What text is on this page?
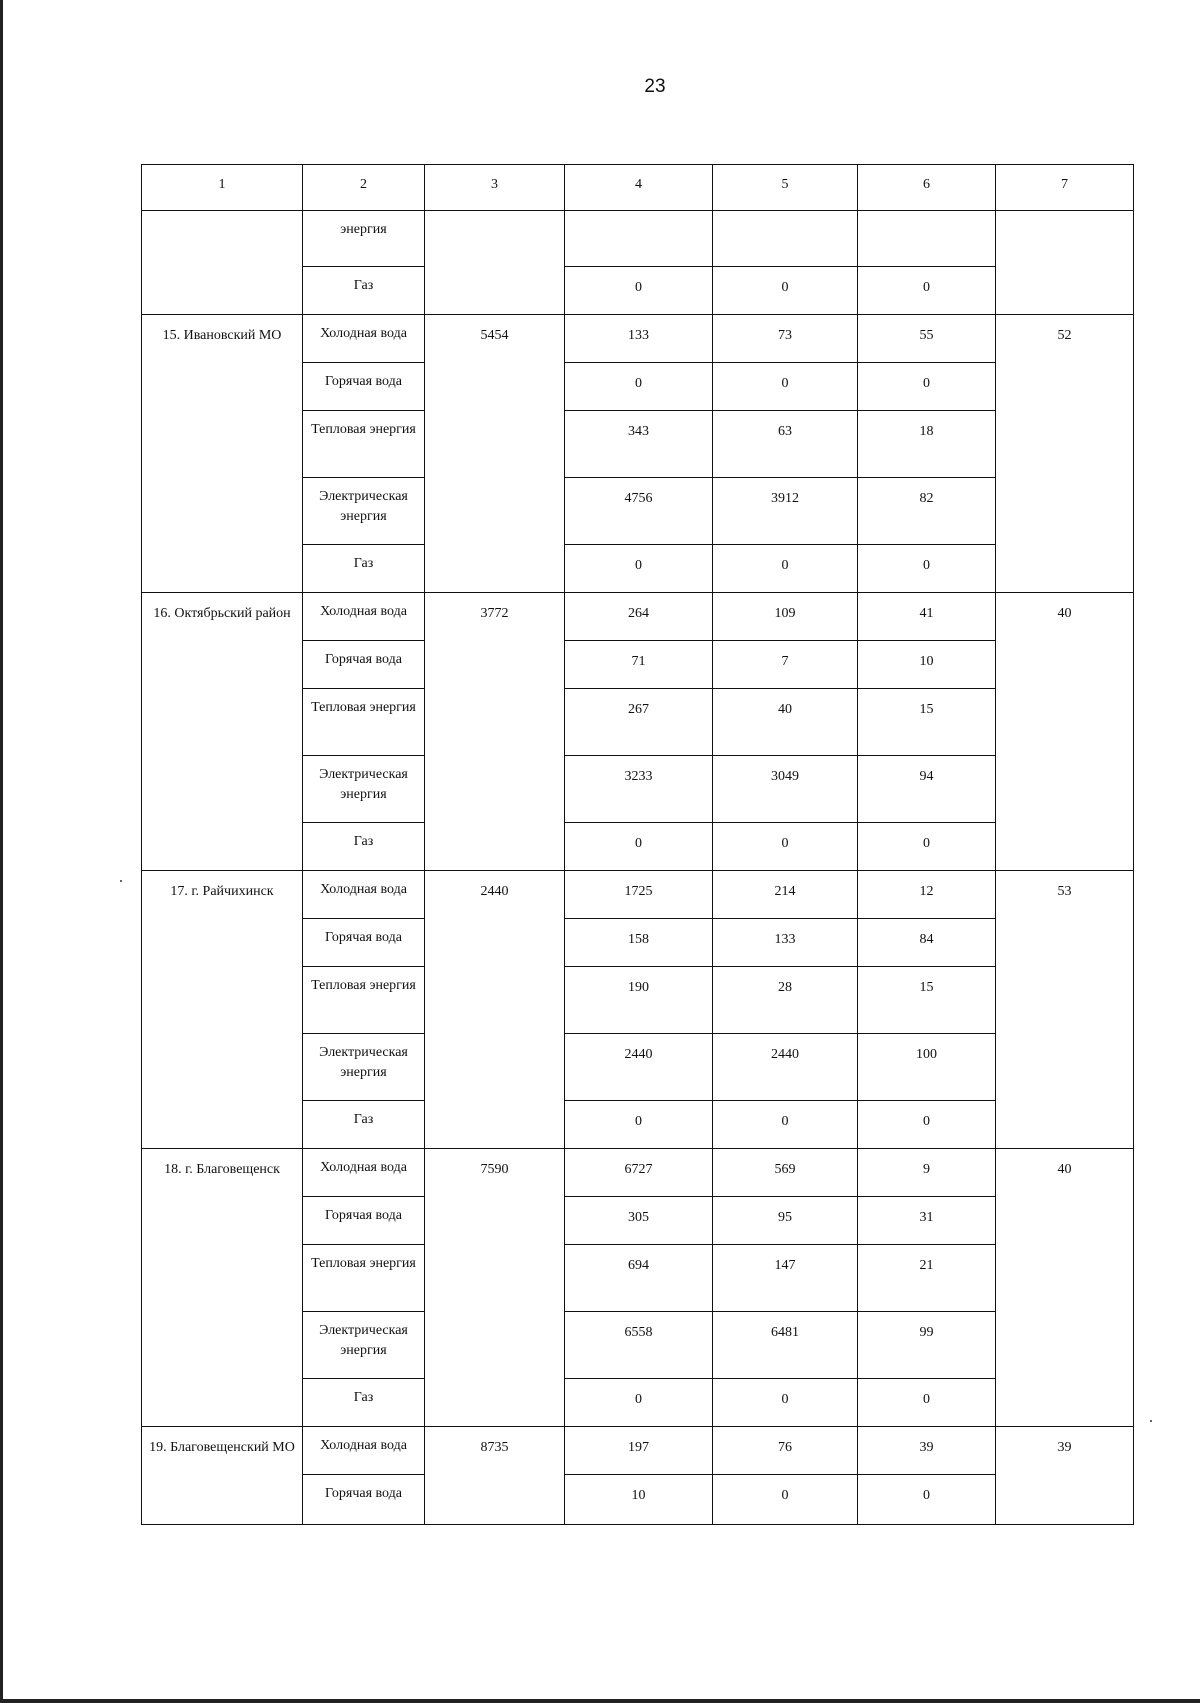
23
1	2	3	4	5	6	7
	энергия					
	Газ		0	0	0	
15. Ивановский МО	Холодная вода	5454	133	73	55	52
	Горячая вода		0	0	0	
	Тепловая энергия		343	63	18	
	Электрическая энергия		4756	3912	82	
	Газ		0	0	0	
16. Октябрьский район	Холодная вода	3772	264	109	41	40
	Горячая вода		71	7	10	
	Тепловая энергия		267	40	15	
	Электрическая энергия		3233	3049	94	
	Газ		0	0	0	
17. г. Райчихинск	Холодная вода	2440	1725	214	12	53
	Горячая вода		158	133	84	
	Тепловая энергия		190	28	15	
	Электрическая энергия		2440	2440	100	
	Газ		0	0	0	
18. г. Благовещенск	Холодная вода	7590	6727	569	9	40
	Горячая вода		305	95	31	
	Тепловая энергия		694	147	21	
	Электрическая энергия		6558	6481	99	
	Газ		0	0	0	
19. Благовещенский МО	Холодная вода	8735	197	76	39	39
	Горячая вода		10	0	0	
